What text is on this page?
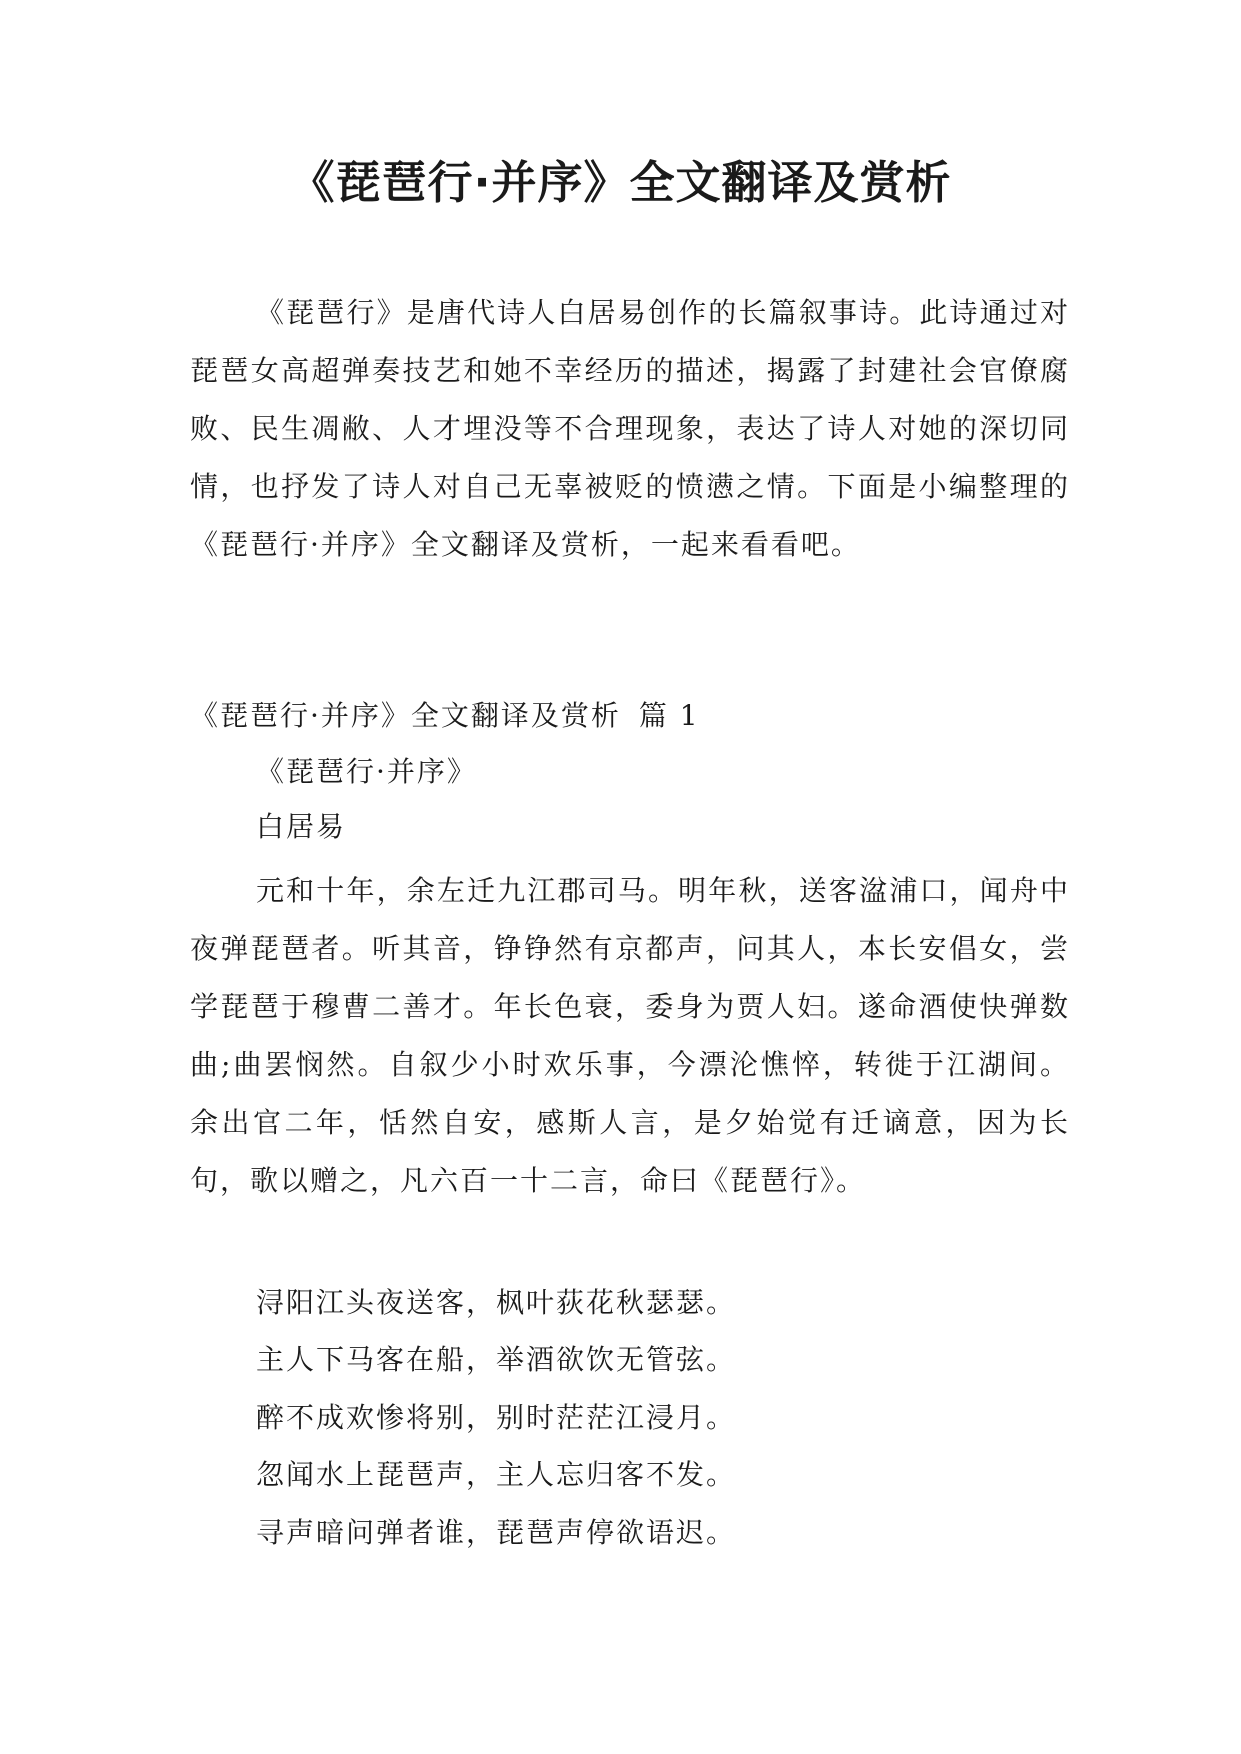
《琵琶行·并序》全文翻译及赏析
《琵琶行》是唐代诗人白居易创作的长篇叙事诗。此诗通过对琵琶女高超弹奏技艺和她不幸经历的描述，揭露了封建社会官僚腐败、民生凋敝、人才埋没等不合理现象，表达了诗人对她的深切同情，也抒发了诗人对自己无辜被贬的愤懑之情。下面是小编整理的《琵琶行·并序》全文翻译及赏析，一起来看看吧。
《琵琶行·并序》全文翻译及赏析 篇 1
《琵琶行·并序》
白居易
元和十年，余左迁九江郡司马。明年秋，送客湓浦口，闻舟中夜弹琵琶者。听其音，铮铮然有京都声，问其人，本长安倡女，尝学琵琶于穆曹二善才。年长色衰，委身为贾人妇。遂命酒使快弹数曲;曲罢悯然。自叙少小时欢乐事，今漂沦憔悴，转徙于江湖间。余出官二年，恬然自安，感斯人言，是夕始觉有迁谪意，因为长句，歌以赠之，凡六百一十二言，命曰《琵琶行》。
浔阳江头夜送客，枫叶荻花秋瑟瑟。
主人下马客在船，举酒欲饮无管弦。
醉不成欢惨将别，别时茫茫江浸月。
忽闻水上琵琶声，主人忘归客不发。
寻声暗问弹者谁，琵琶声停欲语迟。
